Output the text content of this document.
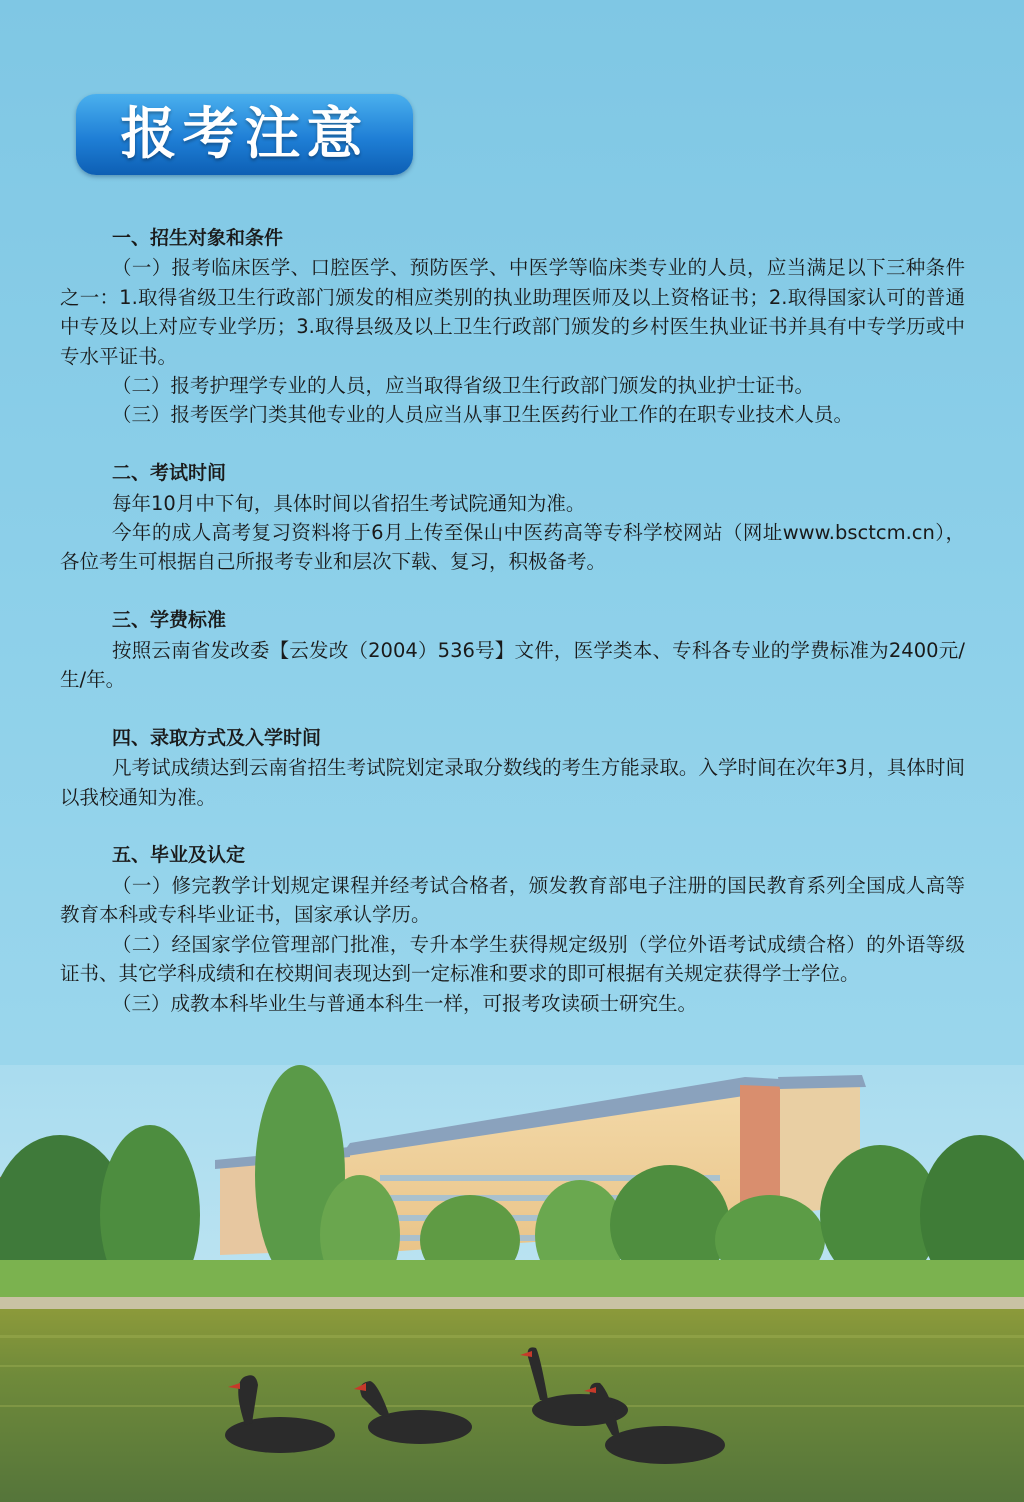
报考注意
一、招生对象和条件

（一）报考临床医学、口腔医学、预防医学、中医学等临床类专业的人员，应当满足以下三种条件之一：1.取得省级卫生行政部门颁发的相应类别的执业助理医师及以上资格证书；2.取得国家认可的普通中专及以上对应专业学历；3.取得县级及以上卫生行政部门颁发的乡村医生执业证书并具有中专学历或中专水平证书。

（二）报考护理学专业的人员，应当取得省级卫生行政部门颁发的执业护士证书。

（三）报考医学门类其他专业的人员应当从事卫生医药行业工作的在职专业技术人员。

二、考试时间

每年10月中下旬，具体时间以省招生考试院通知为准。

今年的成人高考复习资料将于6月上传至保山中医药高等专科学校网站（网址www.bsctcm.cn），各位考生可根据自己所报考专业和层次下载、复习，积极备考。

三、学费标准

按照云南省发改委【云发改（2004）536号】文件，医学类本、专科各专业的学费标准为2400元/生/年。

四、录取方式及入学时间

凡考试成绩达到云南省招生考试院划定录取分数线的考生方能录取。入学时间在次年3月，具体时间以我校通知为准。

五、毕业及认定

（一）修完教学计划规定课程并经考试合格者，颁发教育部电子注册的国民教育系列全国成人高等教育本科或专科毕业证书，国家承认学历。

（二）经国家学位管理部门批准，专升本学生获得规定级别（学位外语考试成绩合格）的外语等级证书、其它学科成绩和在校期间表现达到一定标准和要求的即可根据有关规定获得学士学位。

（三）成教本科毕业生与普通本科生一样，可报考攻读硕士研究生。
